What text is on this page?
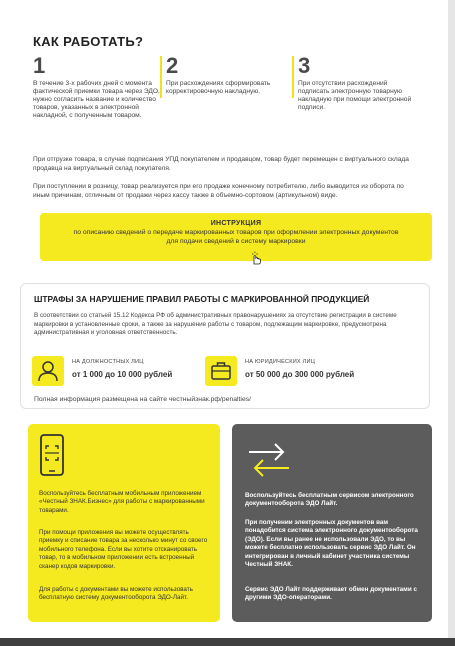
КАК РАБОТАТЬ?
1
В течение 3-х рабочих дней с момента фактической приемки товара через ЭДО, нужно согласить название и количество товаров, указанных в электронной накладной, с полученным товаром.
2
При расхождениях сформировать корректировочную накладную.
3
При отсутствии расхождений подписать электронную товарную накладную при помощи электронной подписи.
При отгрузке товара, в случае подписания УПД покупателем и продавцом, товар будет перемещен с виртуального склада продавца на виртуальный склад покупателя.
При поступлении в розницу, товар реализуется при его продаже конечному потребителю, либо выводится из оборота по иным причинам, отличным от продажи через кассу также в объемно-сортовом (артикульном) виде.
ИНСТРУКЦИЯ
по описанию сведений о передаче маркированных товаров при оформлении электронных документов для подачи сведений в систему маркировки
ШТРАФЫ ЗА НАРУШЕНИЕ ПРАВИЛ РАБОТЫ С МАРКИРОВАННОЙ ПРОДУКЦИЕЙ
В соответствии со статьей 15.12 Кодекса РФ об административных правонарушениях за отсутствие регистрации в системе маркировки в установленные сроки, а также за нарушение работы с товаром, подлежащим маркировке, предусмотрена административная и уголовная ответственность.
НА ДОЛЖНОСТНЫХ ЛИЦ
от 1 000 до 10 000 рублей
НА ЮРИДИЧЕСКИХ ЛИЦ
от 50 000 до 300 000 рублей
Полная информация размещена на сайте честныйзнак.рф/penalties/
Воспользуйтесь бесплатным мобильным приложением «Честный ЗНАК.Бизнес» для работы с маркированными товарами.
При помощи приложения вы можете осуществлять приемку и списание товара за несколько минут со своего мобильного телефона. Если вы хотите отсканировать товар, то в мобильном приложении есть встроенный сканер кодов маркировки.
Для работы с документами вы можете использовать бесплатную систему документооборота ЭДО-Лайт.
Воспользуйтесь бесплатным сервисом электронного документооборота ЭДО Лайт.
При получении электронных документов вам понадобится система электронного документооборота (ЭДО). Если вы ранее не использовали ЭДО, то вы можете бесплатно использовать сервис ЭДО Лайт. Он интегрирован в личный кабинет участника системы Честный ЗНАК.
Сервис ЭДО Лайт поддерживает обмен документами с другими ЭДО-операторами.
